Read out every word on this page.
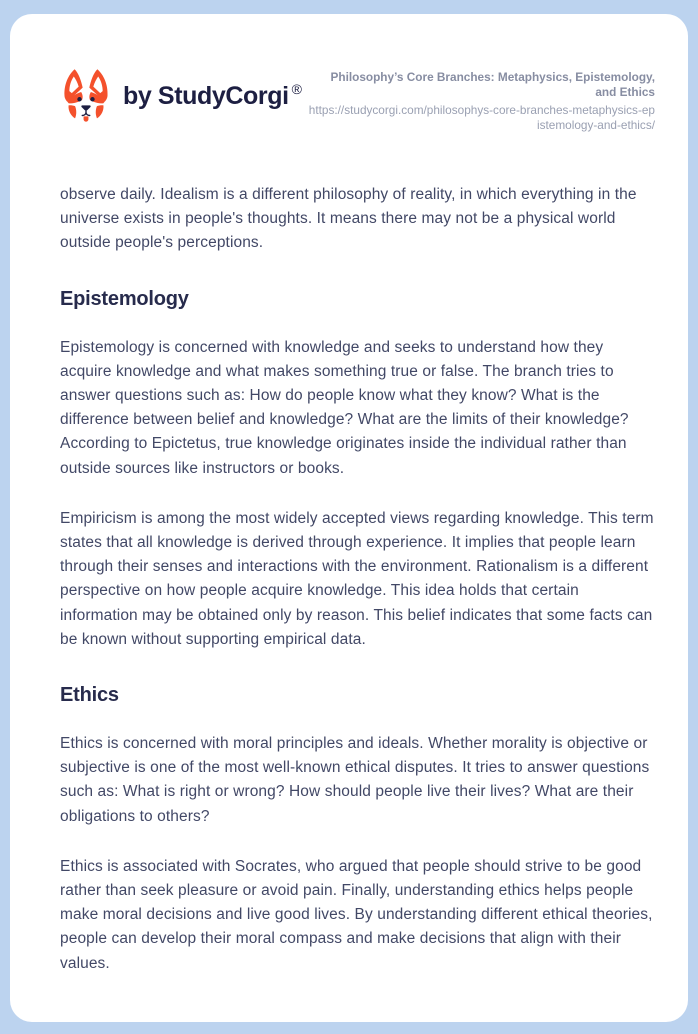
by StudyCorgi ®
Philosophy’s Core Branches: Metaphysics, Epistemology, and Ethics
https://studycorgi.com/philosophys-core-branches-metaphysics-epistemology-and-ethics/

observe daily. Idealism is a different philosophy of reality, in which everything in the universe exists in people's thoughts. It means there may not be a physical world outside people's perceptions.

Epistemology

Epistemology is concerned with knowledge and seeks to understand how they acquire knowledge and what makes something true or false. The branch tries to answer questions such as: How do people know what they know? What is the difference between belief and knowledge? What are the limits of their knowledge? According to Epictetus, true knowledge originates inside the individual rather than outside sources like instructors or books.

Empiricism is among the most widely accepted views regarding knowledge. This term states that all knowledge is derived through experience. It implies that people learn through their senses and interactions with the environment. Rationalism is a different perspective on how people acquire knowledge. This idea holds that certain information may be obtained only by reason. This belief indicates that some facts can be known without supporting empirical data.

Ethics

Ethics is concerned with moral principles and ideals. Whether morality is objective or subjective is one of the most well-known ethical disputes. It tries to answer questions such as: What is right or wrong? How should people live their lives? What are their obligations to others?

Ethics is associated with Socrates, who argued that people should strive to be good rather than seek pleasure or avoid pain. Finally, understanding ethics helps people make moral decisions and live good lives. By understanding different ethical theories, people can develop their moral compass and make decisions that align with their values.
